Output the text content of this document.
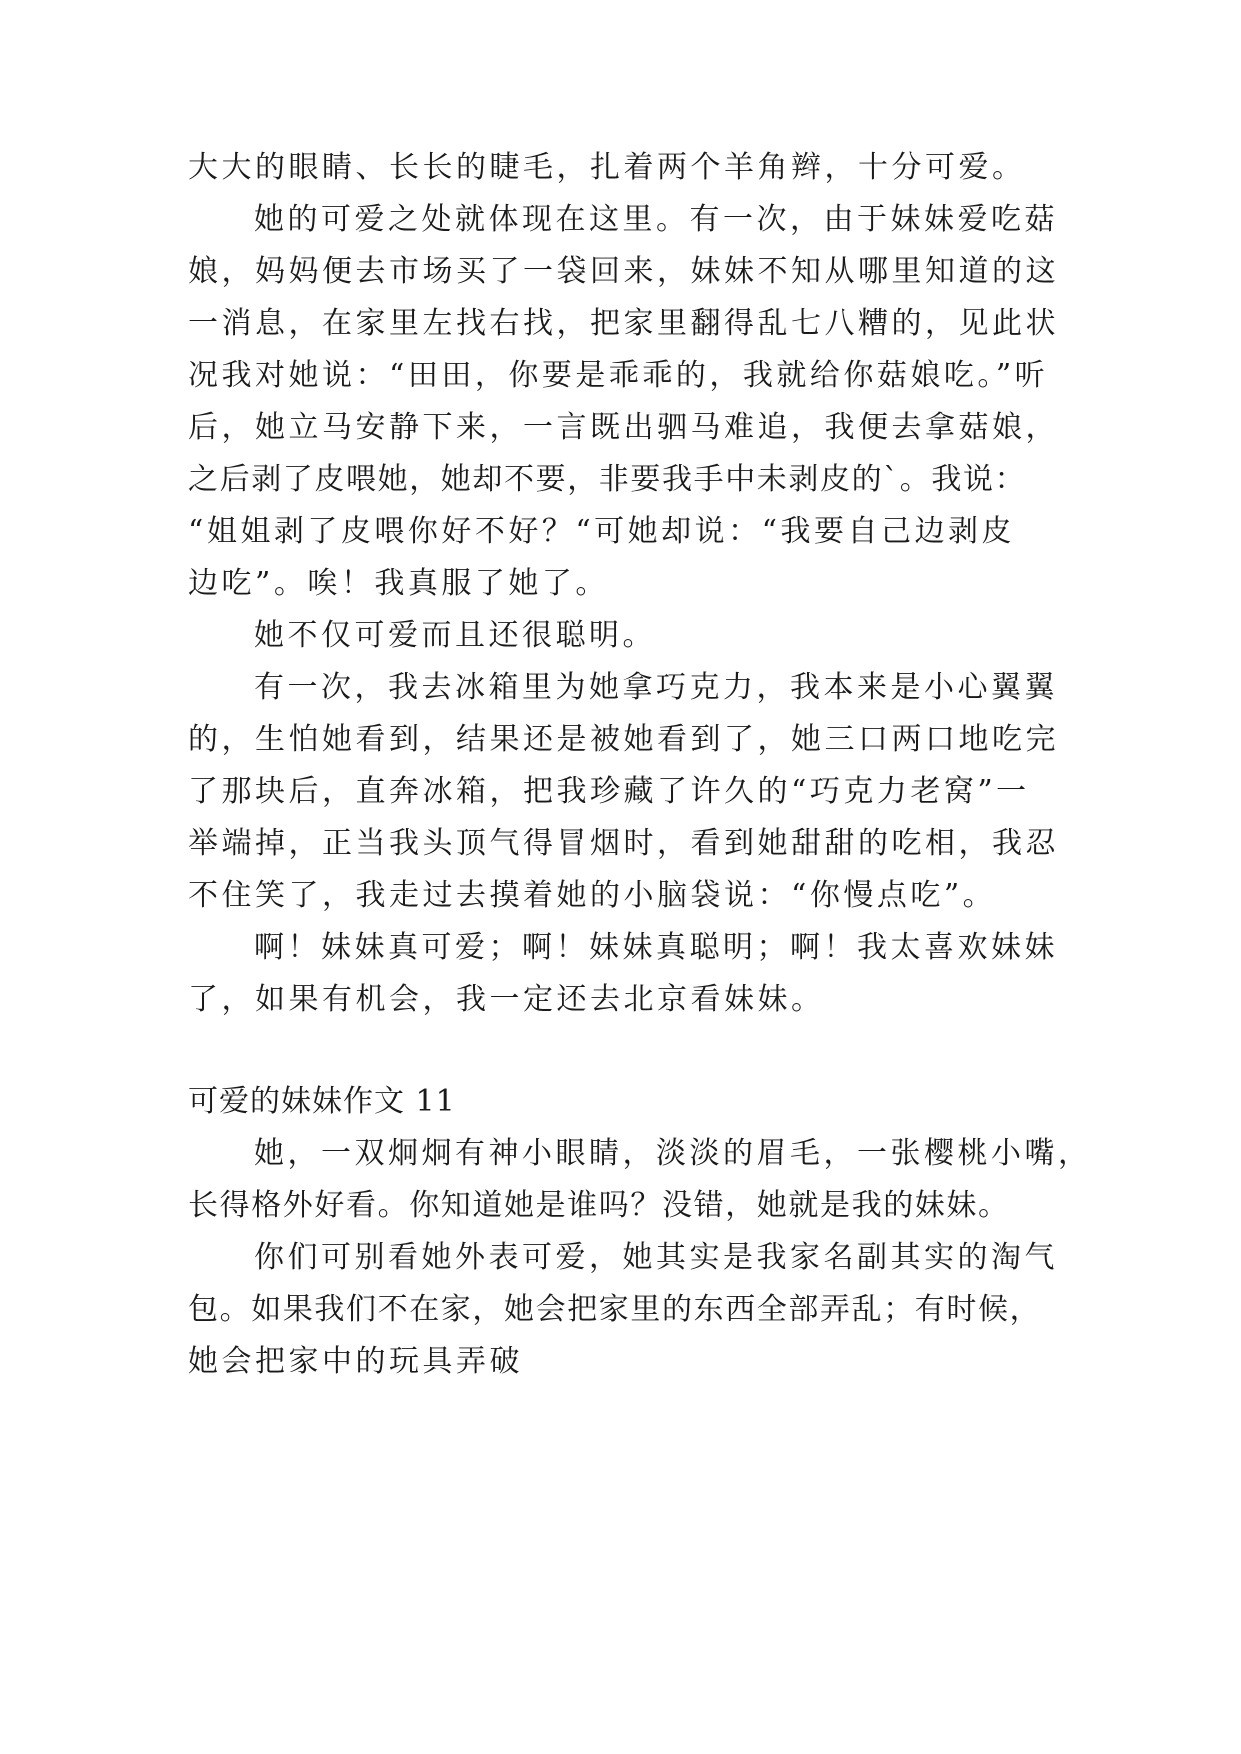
大大的眼睛、长长的睫毛，扎着两个羊角辫，十分可爱。
她的可爱之处就体现在这里。有一次，由于妹妹爱吃菇
娘，妈妈便去市场买了一袋回来，妹妹不知从哪里知道的这
一消息，在家里左找右找，把家里翻得乱七八糟的，见此状
况我对她说：“田田，你要是乖乖的，我就给你菇娘吃。”听
后，她立马安静下来，一言既出驷马难追，我便去拿菇娘，
之后剥了皮喂她，她却不要，非要我手中未剥皮的`。我说：
“姐姐剥了皮喂你好不好？“可她却说：“我要自己边剥皮
边吃”。唉！我真服了她了。
她不仅可爱而且还很聪明。
有一次，我去冰箱里为她拿巧克力，我本来是小心翼翼
的，生怕她看到，结果还是被她看到了，她三口两口地吃完
了那块后，直奔冰箱，把我珍藏了许久的“巧克力老窝”一
举端掉，正当我头顶气得冒烟时，看到她甜甜的吃相，我忍
不住笑了，我走过去摸着她的小脑袋说：“你慢点吃”。
啊！妹妹真可爱；啊！妹妹真聪明；啊！我太喜欢妹妹
了，如果有机会，我一定还去北京看妹妹。
可爱的妹妹作文 11
她，一双炯炯有神小眼睛，淡淡的眉毛，一张樱桃小嘴，
长得格外好看。你知道她是谁吗？没错，她就是我的妹妹。
你们可别看她外表可爱，她其实是我家名副其实的淘气
包。如果我们不在家，她会把家里的东西全部弄乱；有时候，
她会把家中的玩具弄破
